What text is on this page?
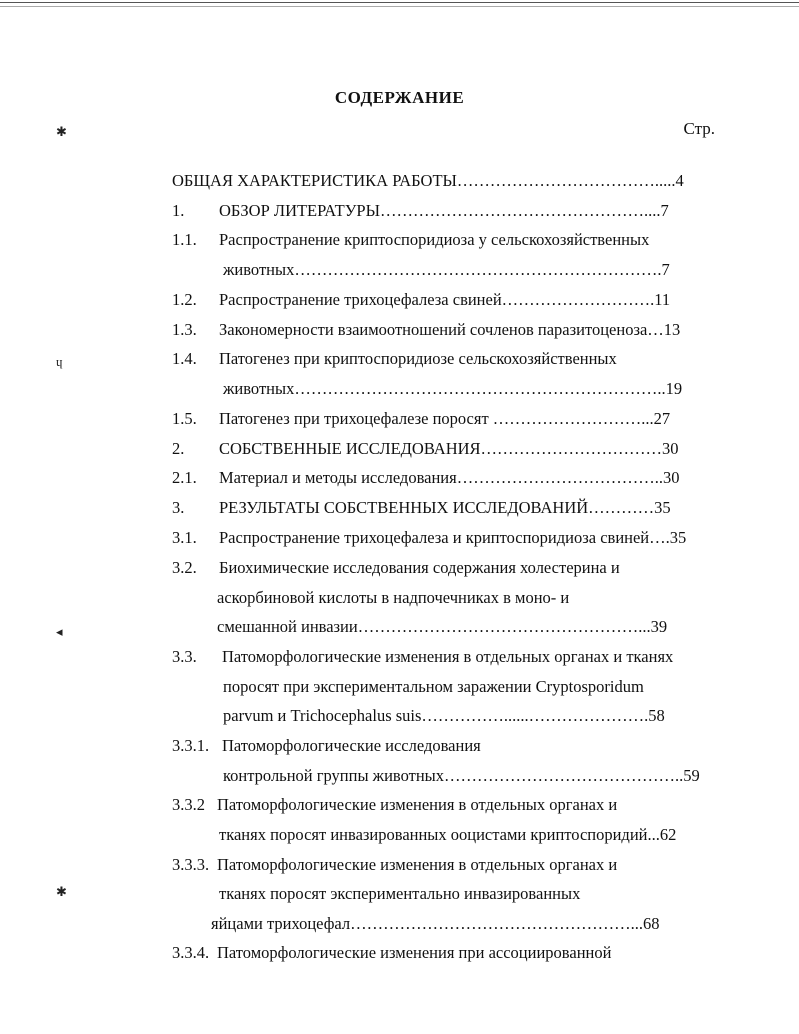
СОДЕРЖАНИЕ
Стр.
✱
ɥ
◂
✱
ОБЩАЯ ХАРАКТЕРИСТИКА РАБОТЫ……………………………….....4
1. ОБЗОР ЛИТЕРАТУРЫ…………………………………………....7
1.1. Распространение криптоспоридиоза у сельскохозяйственных
животных………………………………………………………….7
1.2. Распространение трихоцефалеза свиней……………………….11
1.3. Закономерности взаимоотношений сочленов паразитоценоза…13
1.4. Патогенез при криптоспоридиозе сельскохозяйственных
животных…………………………………………………………..19
1.5. Патогенез при трихоцефалезе поросят ………………………...27
2. СОБСТВЕННЫЕ ИССЛЕДОВАНИЯ……………………………30
2.1. Материал и методы исследования………………………………..30
3. РЕЗУЛЬТАТЫ СОБСТВЕННЫХ ИССЛЕДОВАНИЙ…………35
3.1. Распространение трихоцефалеза и криптоспоридиоза свиней….35
3.2. Биохимические исследования содержания холестерина и
аскорбиновой кислоты в надпочечниках в моно- и
смешанной инвазии……………………………………………...39
3.3. Патоморфологические изменения в отдельных органах и тканях
поросят при экспериментальном заражении Cryptosporidum
parvum и Trichocephalus suis……………......………………….58
3.3.1. Патоморфологические исследования
контрольной группы животных……………………………………..59
3.3.2 Патоморфологические изменения в отдельных органах и
тканях поросят инвазированных ооцистами криптоспоридий...62
3.3.3. Патоморфологические изменения в отдельных органах и
тканях поросят экспериментально инвазированных
яйцами трихоцефал……………………………………………...68
3.3.4. Патоморфологические изменения при ассоциированной
